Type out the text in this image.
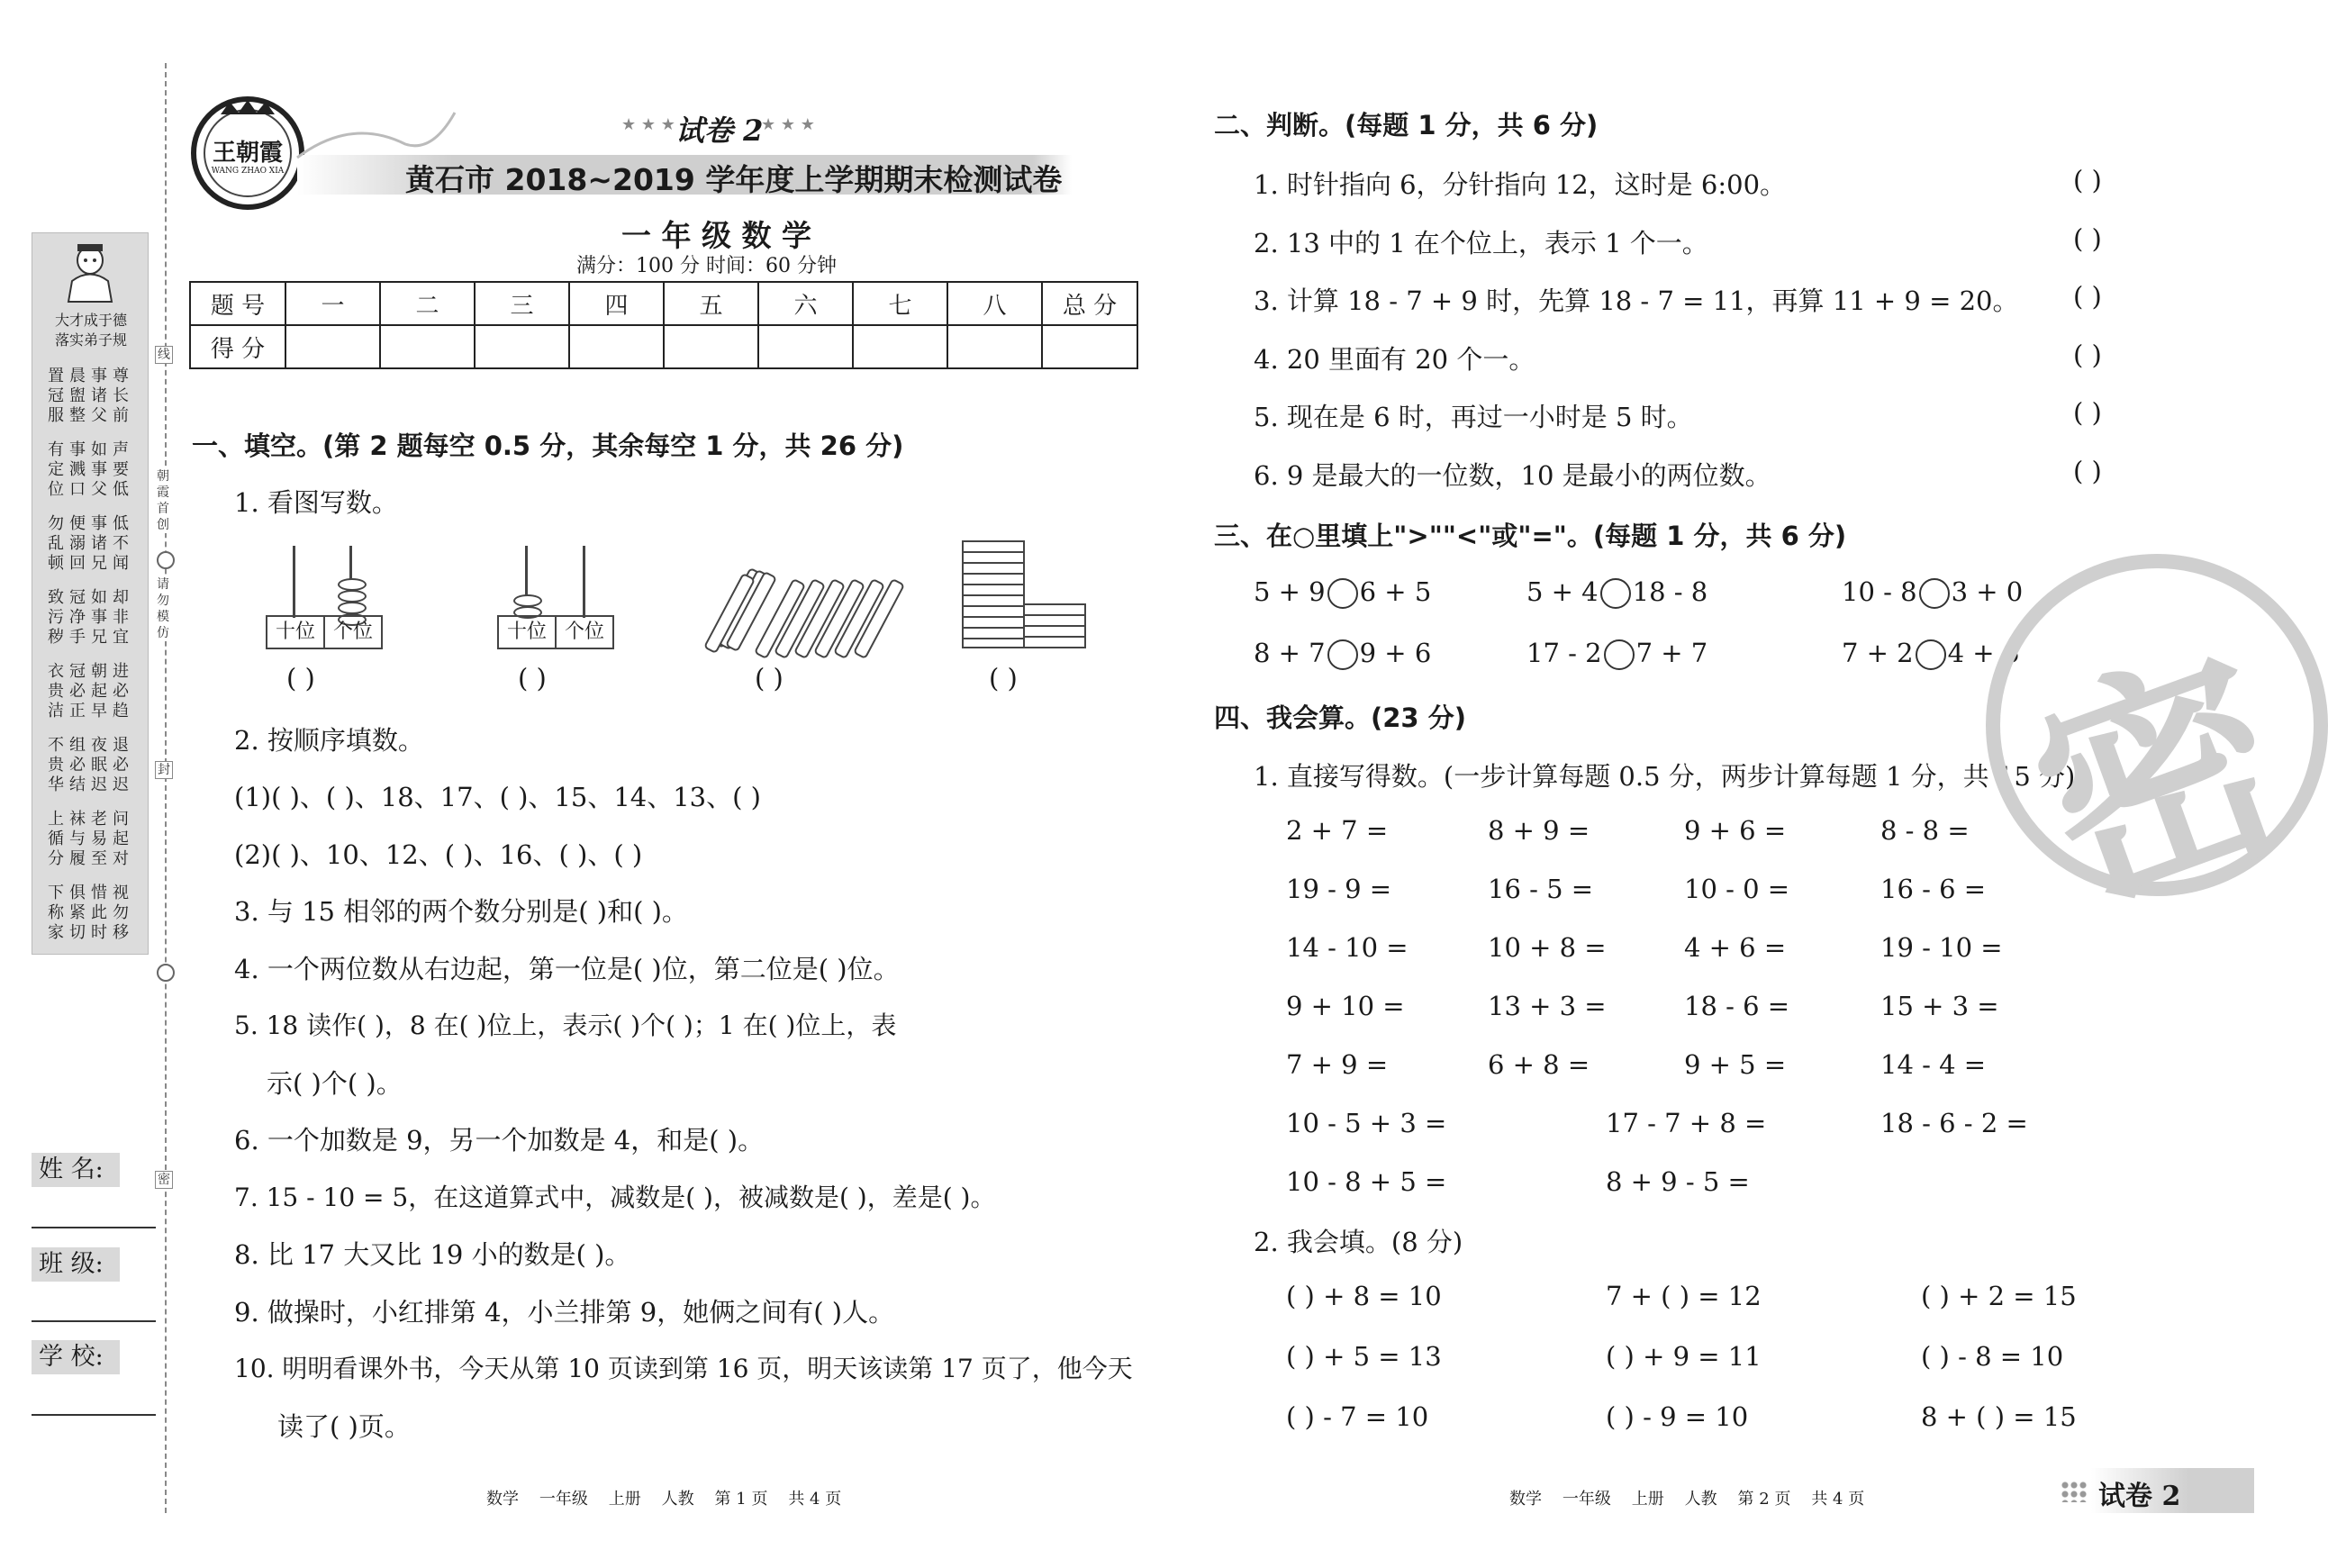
大才成于德
落实弟子规
置冠服
晨盥整
事诸父
尊长前
有定位
事溅口
如事父
声要低
勿乱顿
便溺回
事诸兄
低不闻
致污秽
冠净手
如事兄
却非宜
衣贵洁
冠必正
朝起早
进必趋
不贵华
组必结
夜眠迟
退必迟
上循分
袜与履
老易至
问起对
下称家
俱紧切
惜此时
视勿移
线
朝霞首创
请勿模仿
封
密
姓 名:
班 级:
学 校:
王朝霞
WANG ZHAO XIA
★ ★ ★ 试卷 2
★ ★ ★
黄石市 2018~2019 学年度上学期期末检测试卷
一 年 级 数 学
满分：100 分 时间：60 分钟
题 号	一	二	三	四	五	六	七	八	总 分
得 分									
一、填空。(第 2 题每空 0.5 分，其余每空 1 分，共 26 分)
1. 看图写数。
十位 个位	十位 个位
( )	( )	( )	( )
2. 按顺序填数。
(1)( )、( )、18、17、( )、15、14、13、( )
(2)( )、10、12、( )、16、( )、( )
3. 与 15 相邻的两个数分别是( )和( )。
4. 一个两位数从右边起，第一位是( )位，第二位是( )位。
5. 18 读作( )，8 在( )位上，表示( )个( )；1 在( )位上，表
示( )个( )。
6. 一个加数是 9，另一个加数是 4，和是( )。
7. 15 - 10 = 5，在这道算式中，减数是( )，被减数是( )，差是( )。
8. 比 17 大又比 19 小的数是( )。
9. 做操时，小红排第 4，小兰排第 9，她俩之间有( )人。
10. 明明看课外书，今天从第 10 页读到第 16 页，明天该读第 17 页了，他今天
读了( )页。
数学    一年级    上册    人教    第 1 页    共 4 页
二、判断。(每题 1 分，共 6 分)
1. 时针指向 6，分针指向 12，这时是 6:00。	( )
2. 13 中的 1 在个位上，表示 1 个一。	( )
3. 计算 18 - 7 + 9 时，先算 18 - 7 = 11，再算 11 + 9 = 20。 ( )
4. 20 里面有 20 个一。	( )
5. 现在是 6 时，再过一小时是 5 时。	( )
6. 9 是最大的一位数，10 是最小的两位数。	( )
三、在○里填上">""<"或"="。(每题 1 分，共 6 分)
5 + 9 6 + 5	5 + 4 18 - 8	10 - 8 3 + 0
8 + 7 9 + 6	17 - 2 7 + 7	7 + 2 4 + 6
四、我会算。(23 分)
1. 直接写得数。(一步计算每题 0.5 分，两步计算每题 1 分，共 15 分)
2 + 7 =	8 + 9 =	9 + 6 =	8 - 8 =
19 - 9 =	16 - 5 =	10 - 0 =	16 - 6 =
14 - 10 =	10 + 8 =	4 + 6 =	19 - 10 =
9 + 10 =	13 + 3 =	18 - 6 =	15 + 3 =
7 + 9 =	6 + 8 =	9 + 5 =	14 - 4 =
10 - 5 + 3 =	17 - 7 + 8 =	18 - 6 - 2 =
10 - 8 + 5 =	8 + 9 - 5 =
2. 我会填。(8 分)
( ) + 8 = 10	7 + ( ) = 12	( ) + 2 = 15
( ) + 5 = 13	( ) + 9 = 11	( ) - 8 = 10
( ) - 7 = 10	( ) - 9 = 10	8 + ( ) = 15
密
数学    一年级    上册    人教    第 2 页    共 4 页	试卷 2
